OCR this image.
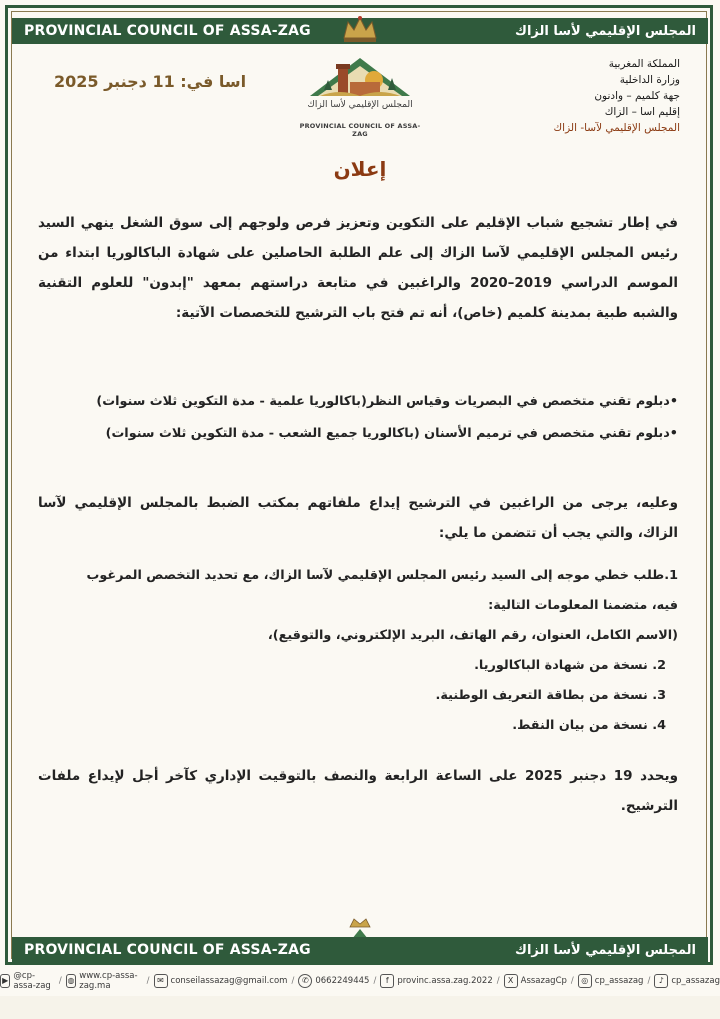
PROVINCIAL COUNCIL OF ASSA-ZAG	المجلس الإقليمي لأسا الزاك
المجلس الإقليمي لأسا الزاك
PROVINCIAL COUNCIL OF ASSA-ZAG
اسا في: 11 دجنبر 2025
المملكة المغربية
وزارة الداخلية
جهة كلميم – وادنون
إقليم اسا – الزاك
المجلس الإقليمي لآسا- الزاك
إعلان
في إطار تشجيع شباب الإقليم على التكوين وتعزيز فرص ولوجهم إلى سوق الشغل ينهي السيد رئيس المجلس الإقليمي لآسا الزاك إلى علم الطلبة الحاصلين على شهادة الباكالوريا ابتداء من الموسم الدراسي 2019–2020 والراغبين في متابعة دراستهم بمعهد "إبدون" للعلوم التقنية والشبه طبية بمدينة كلميم (خاص)، أنه تم فتح باب الترشيح للتخصصات الآتية:
•دبلوم تقني متخصص في البصريات وقياس النظر(باكالوريا علمية - مدة التكوين ثلاث سنوات)
•دبلوم تقني متخصص في ترميم الأسنان (باكالوريا جميع الشعب - مدة التكوين ثلاث سنوات)
وعليه، يرجى من الراغبين في الترشيح إيداع ملفاتهم بمكتب الضبط بالمجلس الإقليمي لآسا الزاك، والتي يجب أن تتضمن ما يلي:
1.طلب خطي موجه إلى السيد رئيس المجلس الإقليمي لآسا الزاك، مع تحديد التخصص المرغوب
فيه، متضمنا المعلومات التالية:
(الاسم الكامل، العنوان، رقم الهاتف، البريد الإلكتروني، والتوقيع)،
2. نسخة من شهادة الباكالوريا.
3. نسخة من بطاقة التعريف الوطنية.
4. نسخة من بيان النقط.
ويحدد 19 دجنبر 2025 على الساعة الرابعة والنصف بالتوقيت الإداري كآخر أجل لإيداع ملفات الترشيح.
PROVINCIAL COUNCIL OF ASSA-ZAG	المجلس الإقليمي لأسا الزاك
▶ @cp-assa-zag / ◍ www.cp-assa-zag.ma	/ ✉ conseilassazag@gmail.com / ✆ 0662249445 /	f	provinc.assa.zag.2022 /	X AssazagCp / ◎ cp_assazag /	♪ cp_assazag
